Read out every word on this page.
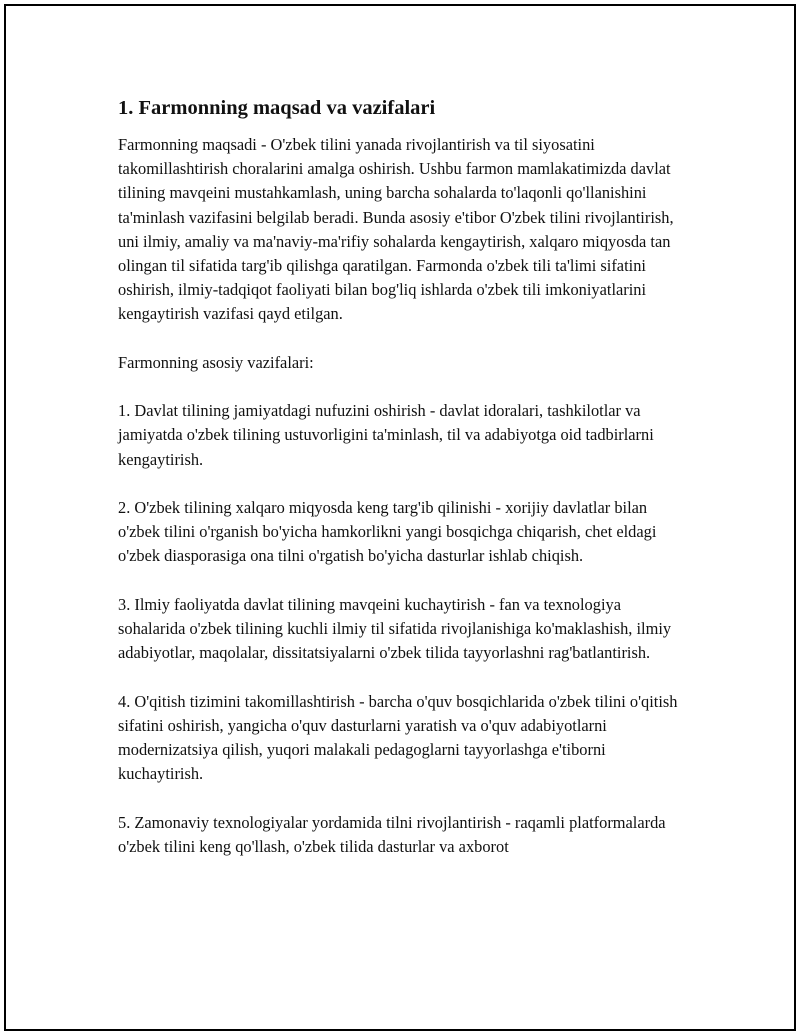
1. Farmonning maqsad va vazifalari

Farmonning maqsadi - O'zbek tilini yanada rivojlantirish va til siyosatini takomillashtirish choralarini amalga oshirish. Ushbu farmon mamlakatimizda davlat tilining mavqeini mustahkamlash, uning barcha sohalarda to'laqonli qo'llanishini ta'minlash vazifasini belgilab beradi. Bunda asosiy e'tibor O'zbek tilini rivojlantirish, uni ilmiy, amaliy va ma'naviy-ma'rifiy sohalarda kengaytirish, xalqaro miqyosda tan olingan til sifatida targ'ib qilishga qaratilgan. Farmonda o'zbek tili ta'limi sifatini oshirish, ilmiy-tadqiqot faoliyati bilan bog'liq ishlarda o'zbek tili imkoniyatlarini kengaytirish vazifasi qayd etilgan.

Farmonning asosiy vazifalari:

1. Davlat tilining jamiyatdagi nufuzini oshirish - davlat idoralari, tashkilotlar va jamiyatda o'zbek tilining ustuvorligini ta'minlash, til va adabiyotga oid tadbirlarni kengaytirish.

2. O'zbek tilining xalqaro miqyosda keng targ'ib qilinishi - xorijiy davlatlar bilan o'zbek tilini o'rganish bo'yicha hamkorlikni yangi bosqichga chiqarish, chet eldagi o'zbek diasporasiga ona tilni o'rgatish bo'yicha dasturlar ishlab chiqish.

3. Ilmiy faoliyatda davlat tilining mavqeini kuchaytirish - fan va texnologiya sohalarida o'zbek tilining kuchli ilmiy til sifatida rivojlanishiga ko'maklashish, ilmiy adabiyotlar, maqolalar, dissitatsiyalarni o'zbek tilida tayyorlashni rag'batlantirish.

4. O'qitish tizimini takomillashtirish - barcha o'quv bosqichlarida o'zbek tilini o'qitish sifatini oshirish, yangicha o'quv dasturlarni yaratish va o'quv adabiyotlarni modernizatsiya qilish, yuqori malakali pedagoglarni tayyorlashga e'tiborni kuchaytirish.

5. Zamonaviy texnologiyalar yordamida tilni rivojlantirish - raqamli platformalarda o'zbek tilini keng qo'llash, o'zbek tilida dasturlar va axborot
